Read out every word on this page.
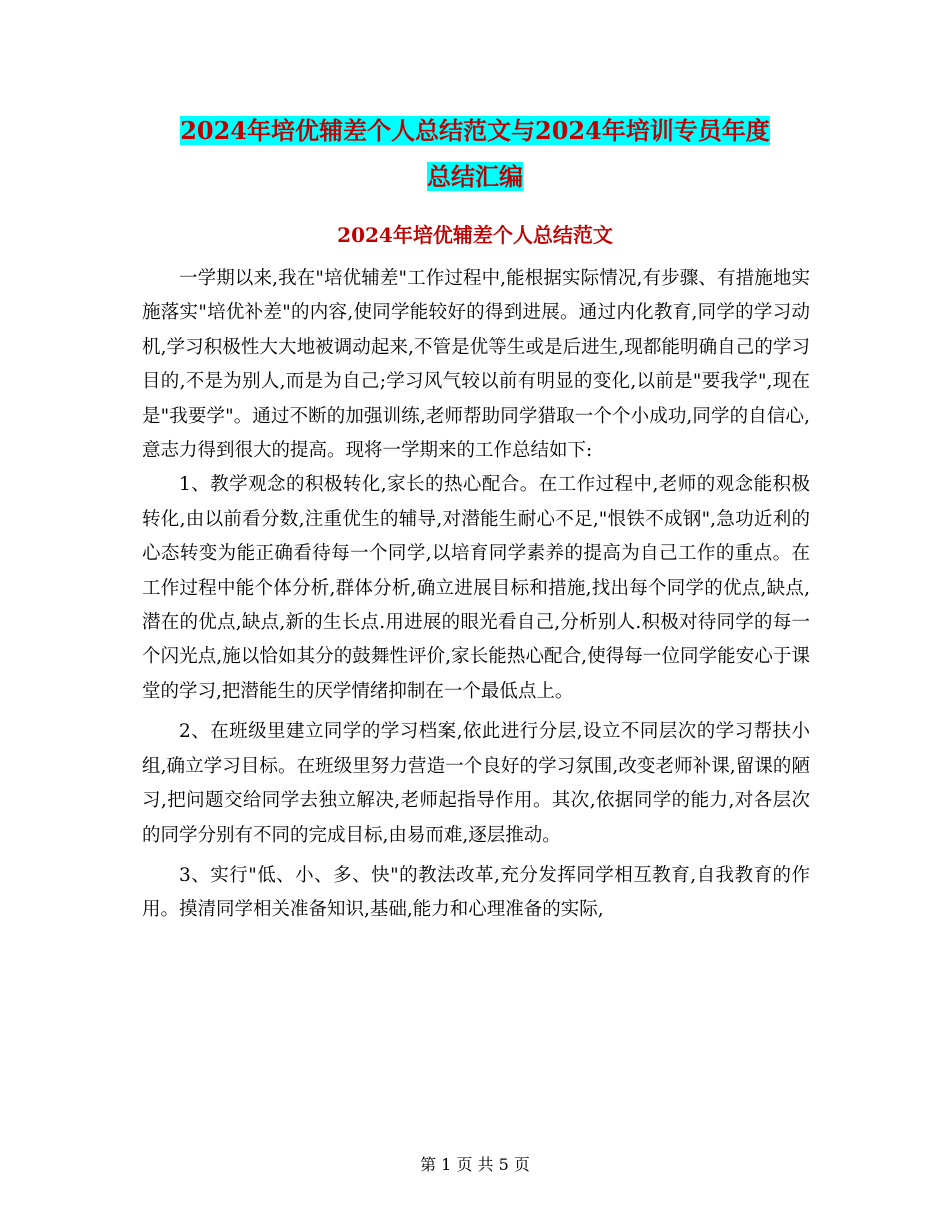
2024年培优辅差个人总结范文与2024年培训专员年度
总结汇编
2024年培优辅差个人总结范文

一学期以来,我在"培优辅差"工作过程中,能根据实际情况,有步骤、有措施地实施落实"培优补差"的内容,使同学能较好的得到进展。通过内化教育,同学的学习动机,学习积极性大大地被调动起来,不管是优等生或是后进生,现都能明确自己的学习目的,不是为别人,而是为自己;学习风气较以前有明显的变化,以前是"要我学",现在是"我要学"。通过不断的加强训练,老师帮助同学猎取一个个小成功,同学的自信心,意志力得到很大的提高。现将一学期来的工作总结如下:

1、教学观念的积极转化,家长的热心配合。在工作过程中,老师的观念能积极转化,由以前看分数,注重优生的辅导,对潜能生耐心不足,"恨铁不成钢",急功近利的心态转变为能正确看待每一个同学,以培育同学素养的提高为自己工作的重点。在工作过程中能个体分析,群体分析,确立进展目标和措施,找出每个同学的优点,缺点,潜在的优点,缺点,新的生长点.用进展的眼光看自己,分析别人.积极对待同学的每一个闪光点,施以恰如其分的鼓舞性评价,家长能热心配合,使得每一位同学能安心于课堂的学习,把潜能生的厌学情绪抑制在一个最低点上。

2、在班级里建立同学的学习档案,依此进行分层,设立不同层次的学习帮扶小组,确立学习目标。在班级里努力营造一个良好的学习氛围,改变老师补课,留课的陋习,把问题交给同学去独立解决,老师起指导作用。其次,依据同学的能力,对各层次的同学分别有不同的完成目标,由易而难,逐层推动。

3、实行"低、小、多、快"的教法改革,充分发挥同学相互教育,自我教育的作用。摸清同学相关准备知识,基础,能力和心理准备的实际,

第 1 页 共 5 页
